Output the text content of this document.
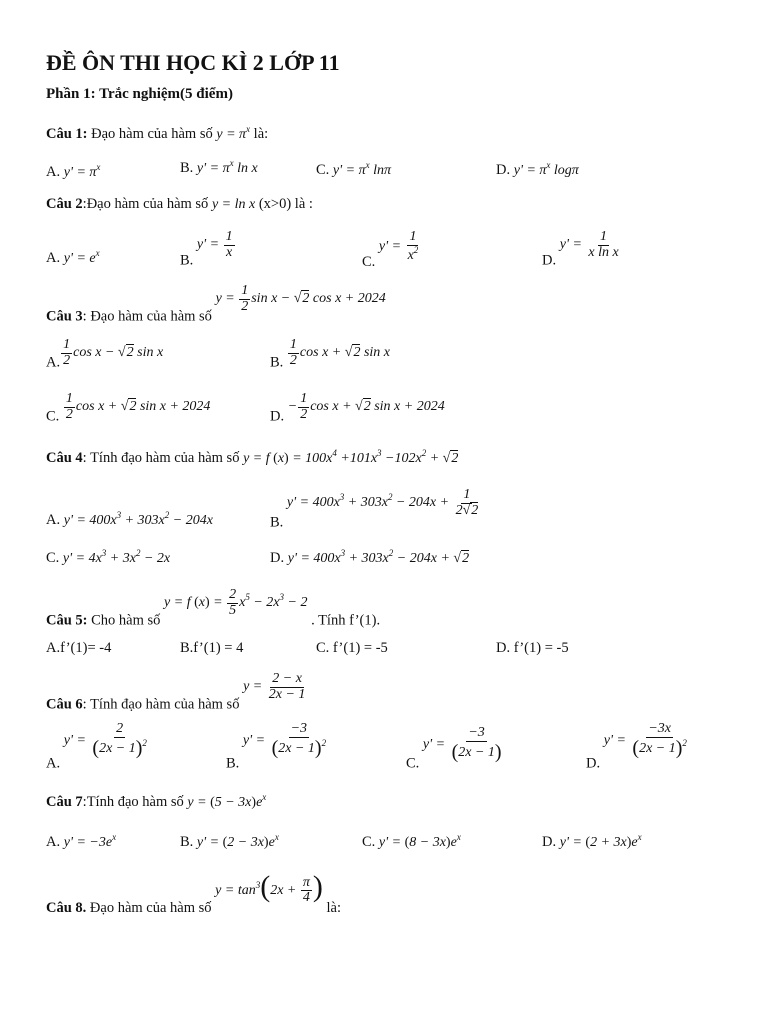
ĐỀ ÔN THI HỌC KÌ 2 LỚP 11
Phần 1: Trắc nghiệm(5 điểm)
Câu 1: Đạo hàm của hàm số $y = \pi^x$ là:
A. $y' = \pi^x$	B. $y' = \pi^x$ ln x	C. $y' = \pi^x$ lnπ	D. $y' = \pi^x$ logπ
Câu 2:Đạo hàm của hàm số y = ln x (x>0) là :
A. $y' = e^x$	B. $y' = \frac{1}{x}$
C. $y' = \frac{1}{x^2}$	D. $y' = \frac{1}{\text{x ln x}}$
Câu 3: Đạo hàm của hàm số $y = \frac{1}{2}$ sin x − √2 cos x + 2024
A. $\frac{1}{2}$ cos x − √2 sin x
B. $\frac{1}{2}$ cos x + √2 sin x
C. $\frac{1}{2}$ cos x + √2 sin x + 2024
D. − $\frac{1}{2}$ cos x + √2 sin x + 2024
Câu 4: Tính đạo hàm của hàm số y = f $(x) = 100x^4 +101x^3 -102x^2 + √2$
A. $y' = 400x^3 + 303x^2 - 204x$	B. $y' = 400x^3 + 303x^2 - 204x + \frac{1}{2√2}$
C. $y' = 4x^3 + 3x^2 - 2x$	D. $y' = 400x^3 + 303x^2 - 204x + √2$
Câu 5: Cho hàm số y = f $(x) = \frac{2}{5} x^5 - 2x^3 - 2$ . Tính f’(1).
A.f’(1)= -4	B.f’(1) = 4	C. f’(1) = -5	D. f’(1) = -5
Câu 6: Tính đạo hàm của hàm số $y = \frac{2 - x}{2x - 1}$
A. $y' = \frac{2}{(2x - 1)^2}$
B. $y' = \frac{-3}{(2x - 1)^2}$
C. $y' = \frac{-3}{(2x - 1)}$
D. $y' = \frac{-3x}{(2x - 1)^2}$
Câu 7:Tính đạo hàm số $y = (5 - 3x)e^x$
A. $y' = -3e^x$	B. $y' = (2 - 3x)e^x$	C. $y' = (8 - 3x)e^x$	D. $y' = (2 + 3x)e^x$
Câu 8. Đạo hàm của hàm số $y = \tan^3(2x + \frac{\pi}{4}$ ) là:
